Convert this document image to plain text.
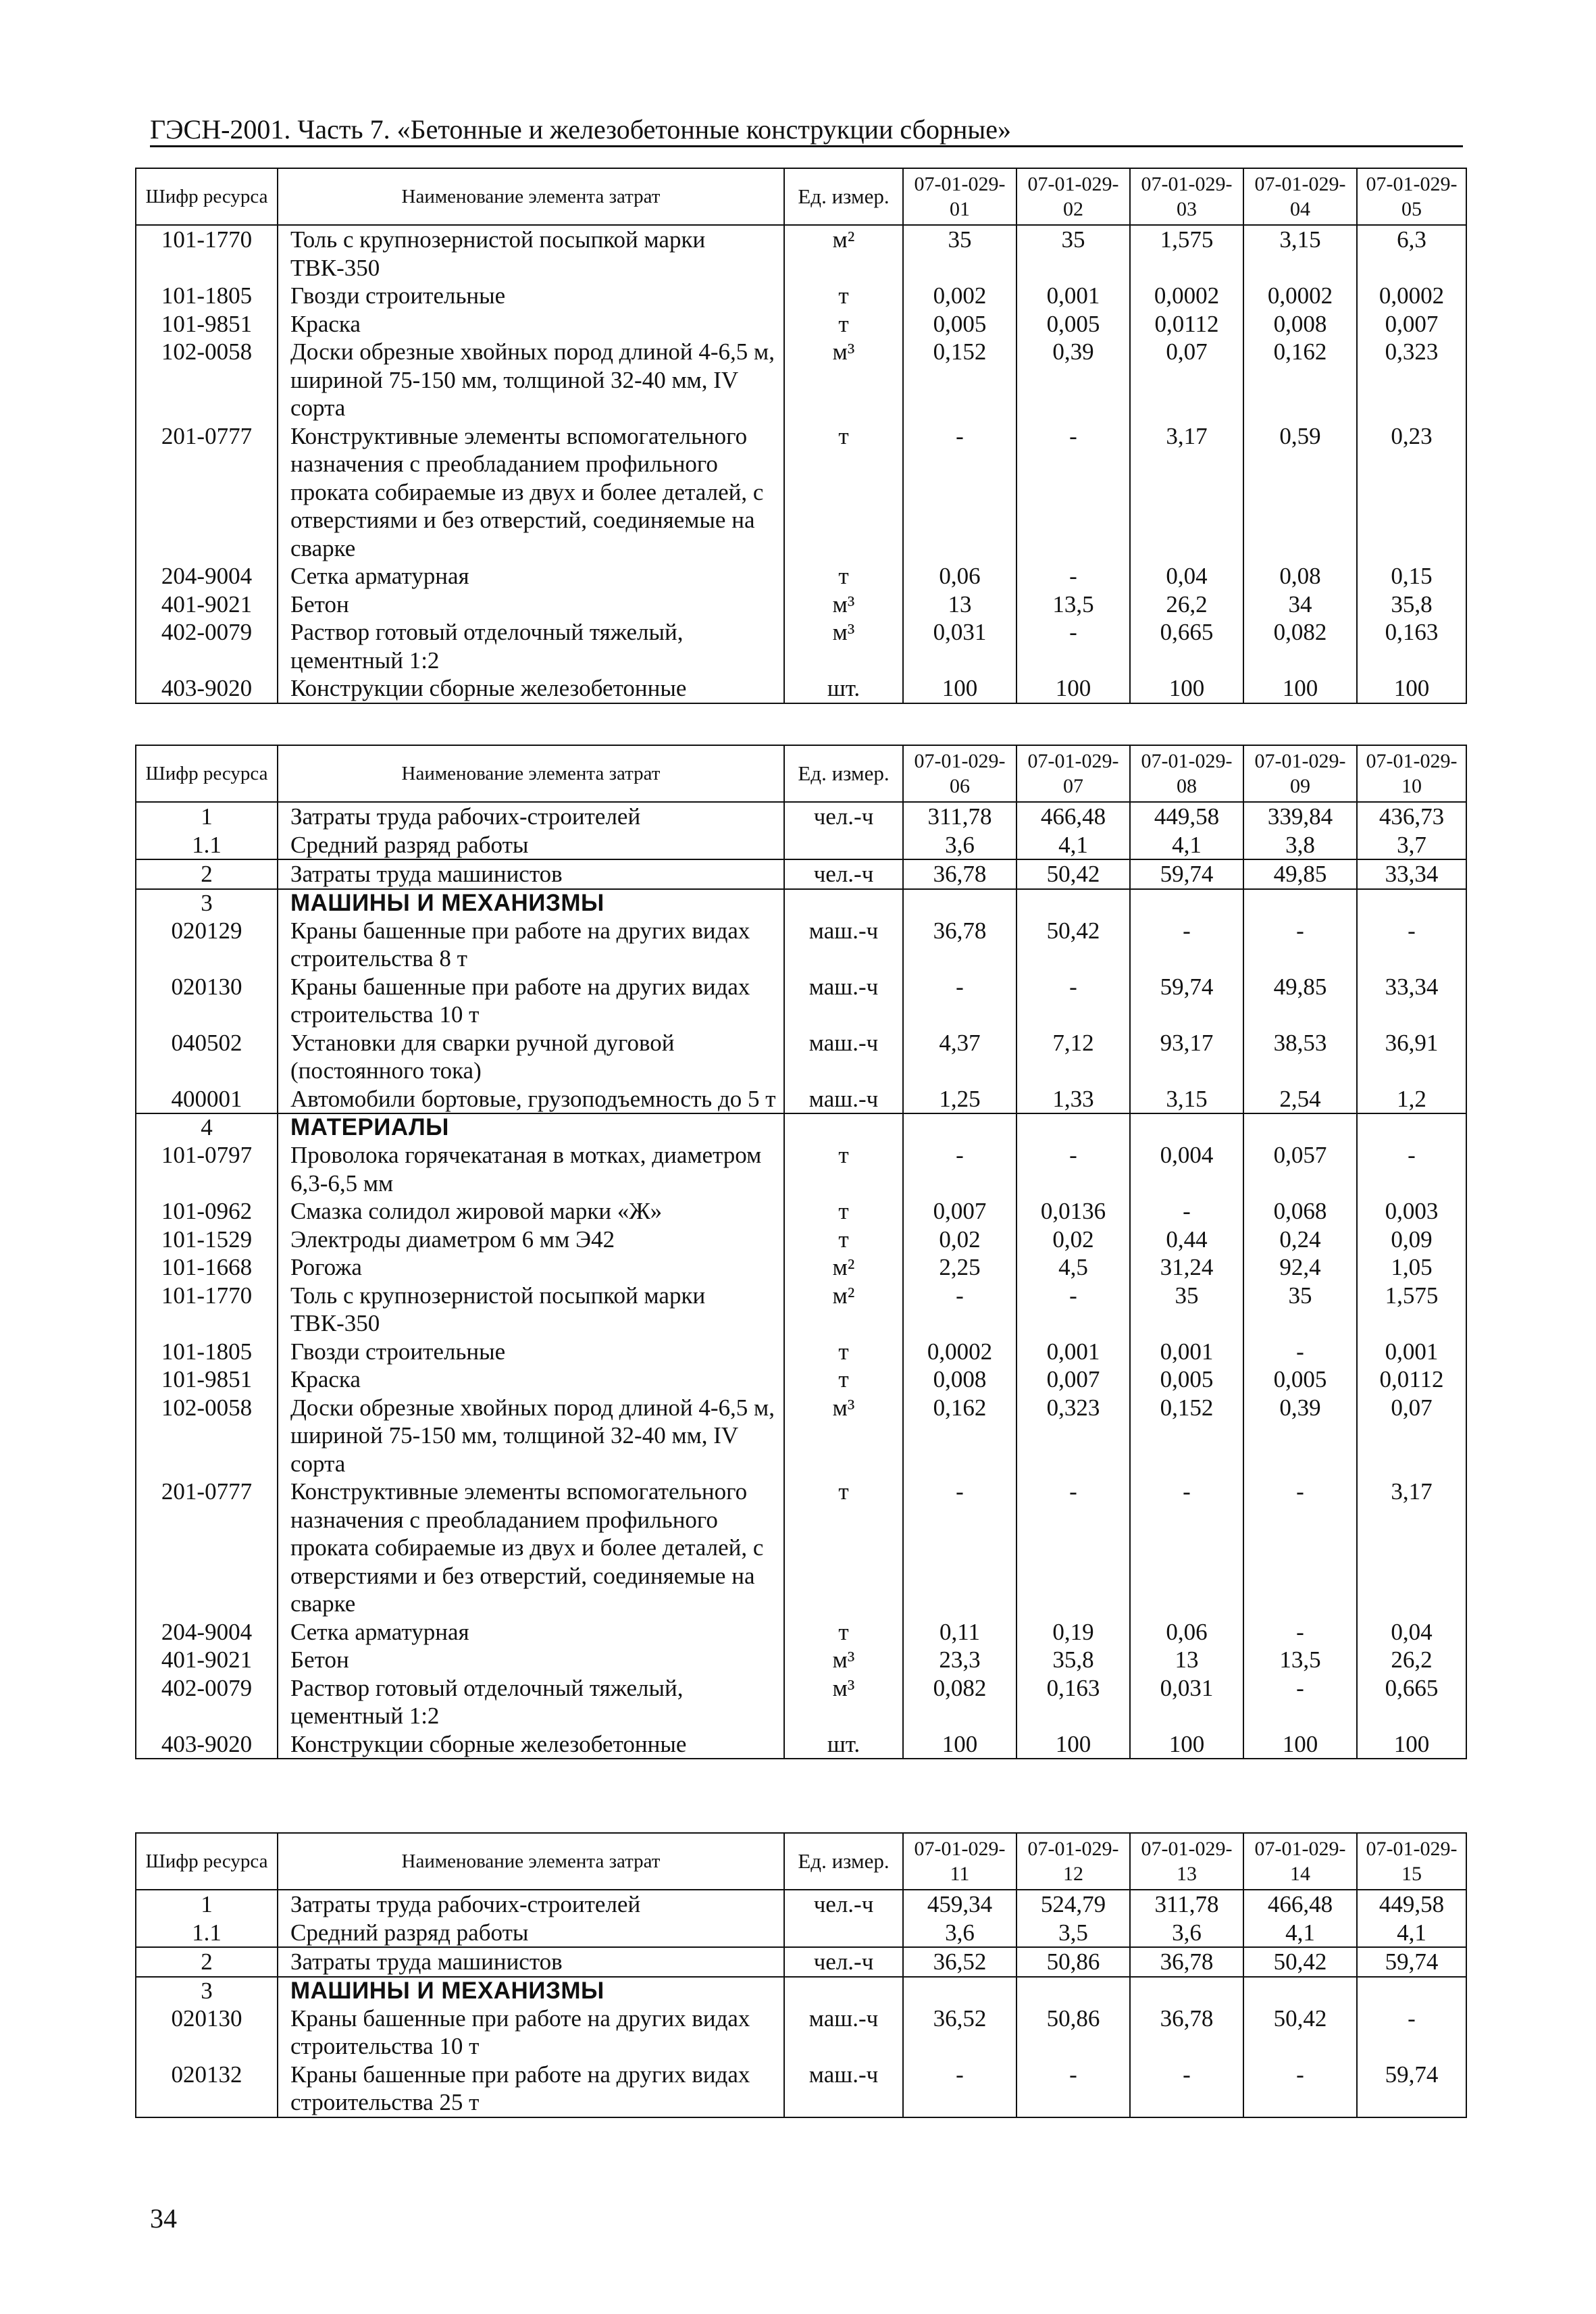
ГЭСН-2001. Часть 7. «Бетонные и железобетонные конструкции сборные»
Шифр ресурса	Наименование элемента затрат	Ед. измер.	07-01-029-01	07-01-029-02	07-01-029-03	07-01-029-04	07-01-029-05
101-1770	Толь с крупнозернистой посыпкой марки ТВК-350	м²	35	35	1,575	3,15	6,3
101-1805	Гвозди строительные	т	0,002	0,001	0,0002	0,0002	0,0002
101-9851	Краска	т	0,005	0,005	0,0112	0,008	0,007
102-0058	Доски обрезные хвойных пород длиной 4-6,5 м, шириной 75-150 мм, толщиной 32-40 мм, IV сорта	м³	0,152	0,39	0,07	0,162	0,323
201-0777	Конструктивные элементы вспомогательного назначения с преобладанием профильного проката собираемые из двух и более деталей, с отверстиями и без отверстий, соединяемые на сварке	т	-	-	3,17	0,59	0,23
204-9004	Сетка арматурная	т	0,06	-	0,04	0,08	0,15
401-9021	Бетон	м³	13	13,5	26,2	34	35,8
402-0079	Раствор готовый отделочный тяжелый, цементный 1:2	м³	0,031	-	0,665	0,082	0,163
403-9020	Конструкции сборные железобетонные	шт.	100	100	100	100	100
Шифр ресурса	Наименование элемента затрат	Ед. измер.	07-01-029-06	07-01-029-07	07-01-029-08	07-01-029-09	07-01-029-10
1	Затраты труда рабочих-строителей	чел.-ч	311,78	466,48	449,58	339,84	436,73
1.1	Средний разряд работы		3,6	4,1	4,1	3,8	3,7
2	Затраты труда машинистов	чел.-ч	36,78	50,42	59,74	49,85	33,34
3	МАШИНЫ И МЕХАНИЗМЫ						
020129	Краны башенные при работе на других видах строительства 8 т	маш.-ч	36,78	50,42	-	-	-
020130	Краны башенные при работе на других видах строительства 10 т	маш.-ч	-	-	59,74	49,85	33,34
040502	Установки для сварки ручной дуговой (постоянного тока)	маш.-ч	4,37	7,12	93,17	38,53	36,91
400001	Автомобили бортовые, грузоподъемность до 5 т	маш.-ч	1,25	1,33	3,15	2,54	1,2
4	МАТЕРИАЛЫ						
101-0797	Проволока горячекатаная в мотках, диаметром 6,3-6,5 мм	т	-	-	0,004	0,057	-
101-0962	Смазка солидол жировой марки «Ж»	т	0,007	0,0136	-	0,068	0,003
101-1529	Электроды диаметром 6 мм Э42	т	0,02	0,02	0,44	0,24	0,09
101-1668	Рогожа	м²	2,25	4,5	31,24	92,4	1,05
101-1770	Толь с крупнозернистой посыпкой марки ТВК-350	м²	-	-	35	35	1,575
101-1805	Гвозди строительные	т	0,0002	0,001	0,001	-	0,001
101-9851	Краска	т	0,008	0,007	0,005	0,005	0,0112
102-0058	Доски обрезные хвойных пород длиной 4-6,5 м, шириной 75-150 мм, толщиной 32-40 мм, IV сорта	м³	0,162	0,323	0,152	0,39	0,07
201-0777	Конструктивные элементы вспомогательного назначения с преобладанием профильного проката собираемые из двух и более деталей, с отверстиями и без отверстий, соединяемые на сварке	т	-	-	-	-	3,17
204-9004	Сетка арматурная	т	0,11	0,19	0,06	-	0,04
401-9021	Бетон	м³	23,3	35,8	13	13,5	26,2
402-0079	Раствор готовый отделочный тяжелый, цементный 1:2	м³	0,082	0,163	0,031	-	0,665
403-9020	Конструкции сборные железобетонные	шт.	100	100	100	100	100
Шифр ресурса	Наименование элемента затрат	Ед. измер.	07-01-029-11	07-01-029-12	07-01-029-13	07-01-029-14	07-01-029-15
1	Затраты труда рабочих-строителей	чел.-ч	459,34	524,79	311,78	466,48	449,58
1.1	Средний разряд работы		3,6	3,5	3,6	4,1	4,1
2	Затраты труда машинистов	чел.-ч	36,52	50,86	36,78	50,42	59,74
3	МАШИНЫ И МЕХАНИЗМЫ						
020130	Краны башенные при работе на других видах строительства 10 т	маш.-ч	36,52	50,86	36,78	50,42	-
020132	Краны башенные при работе на других видах строительства 25 т	маш.-ч	-	-	-	-	59,74
34
